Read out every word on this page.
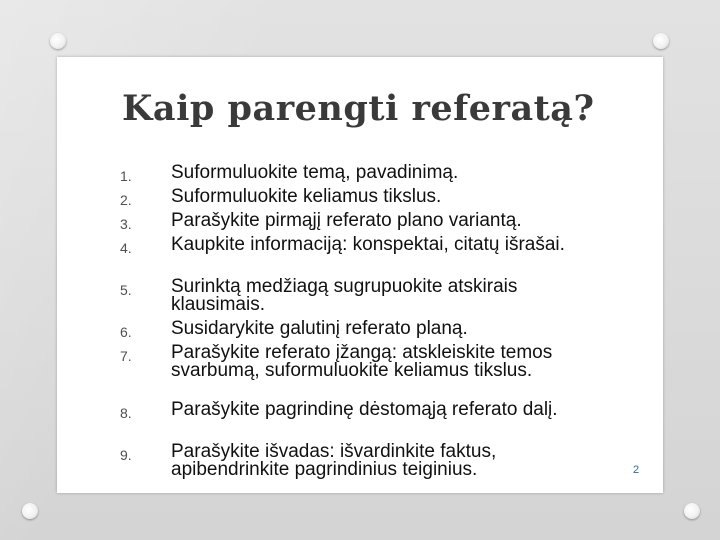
Kaip parengti referatą?
1. Suformuluokite temą, pavadinimą.
2. Suformuluokite keliamus tikslus.
3. Parašykite pirmąjį referato plano variantą.
4. Kaupkite informaciją: konspektai, citatų išrašai.
5. Surinktą medžiagą sugrupuokite atskirais klausimais.
6. Susidarykite galutinį referato planą.
7. Parašykite referato įžangą: atskleiskite temos svarbumą, suformuluokite keliamus tikslus.
8. Parašykite pagrindinę dėstomąją referato dalį.
9. Parašykite išvadas: išvardinkite faktus, apibendrinkite pagrindinius teiginius.	2
